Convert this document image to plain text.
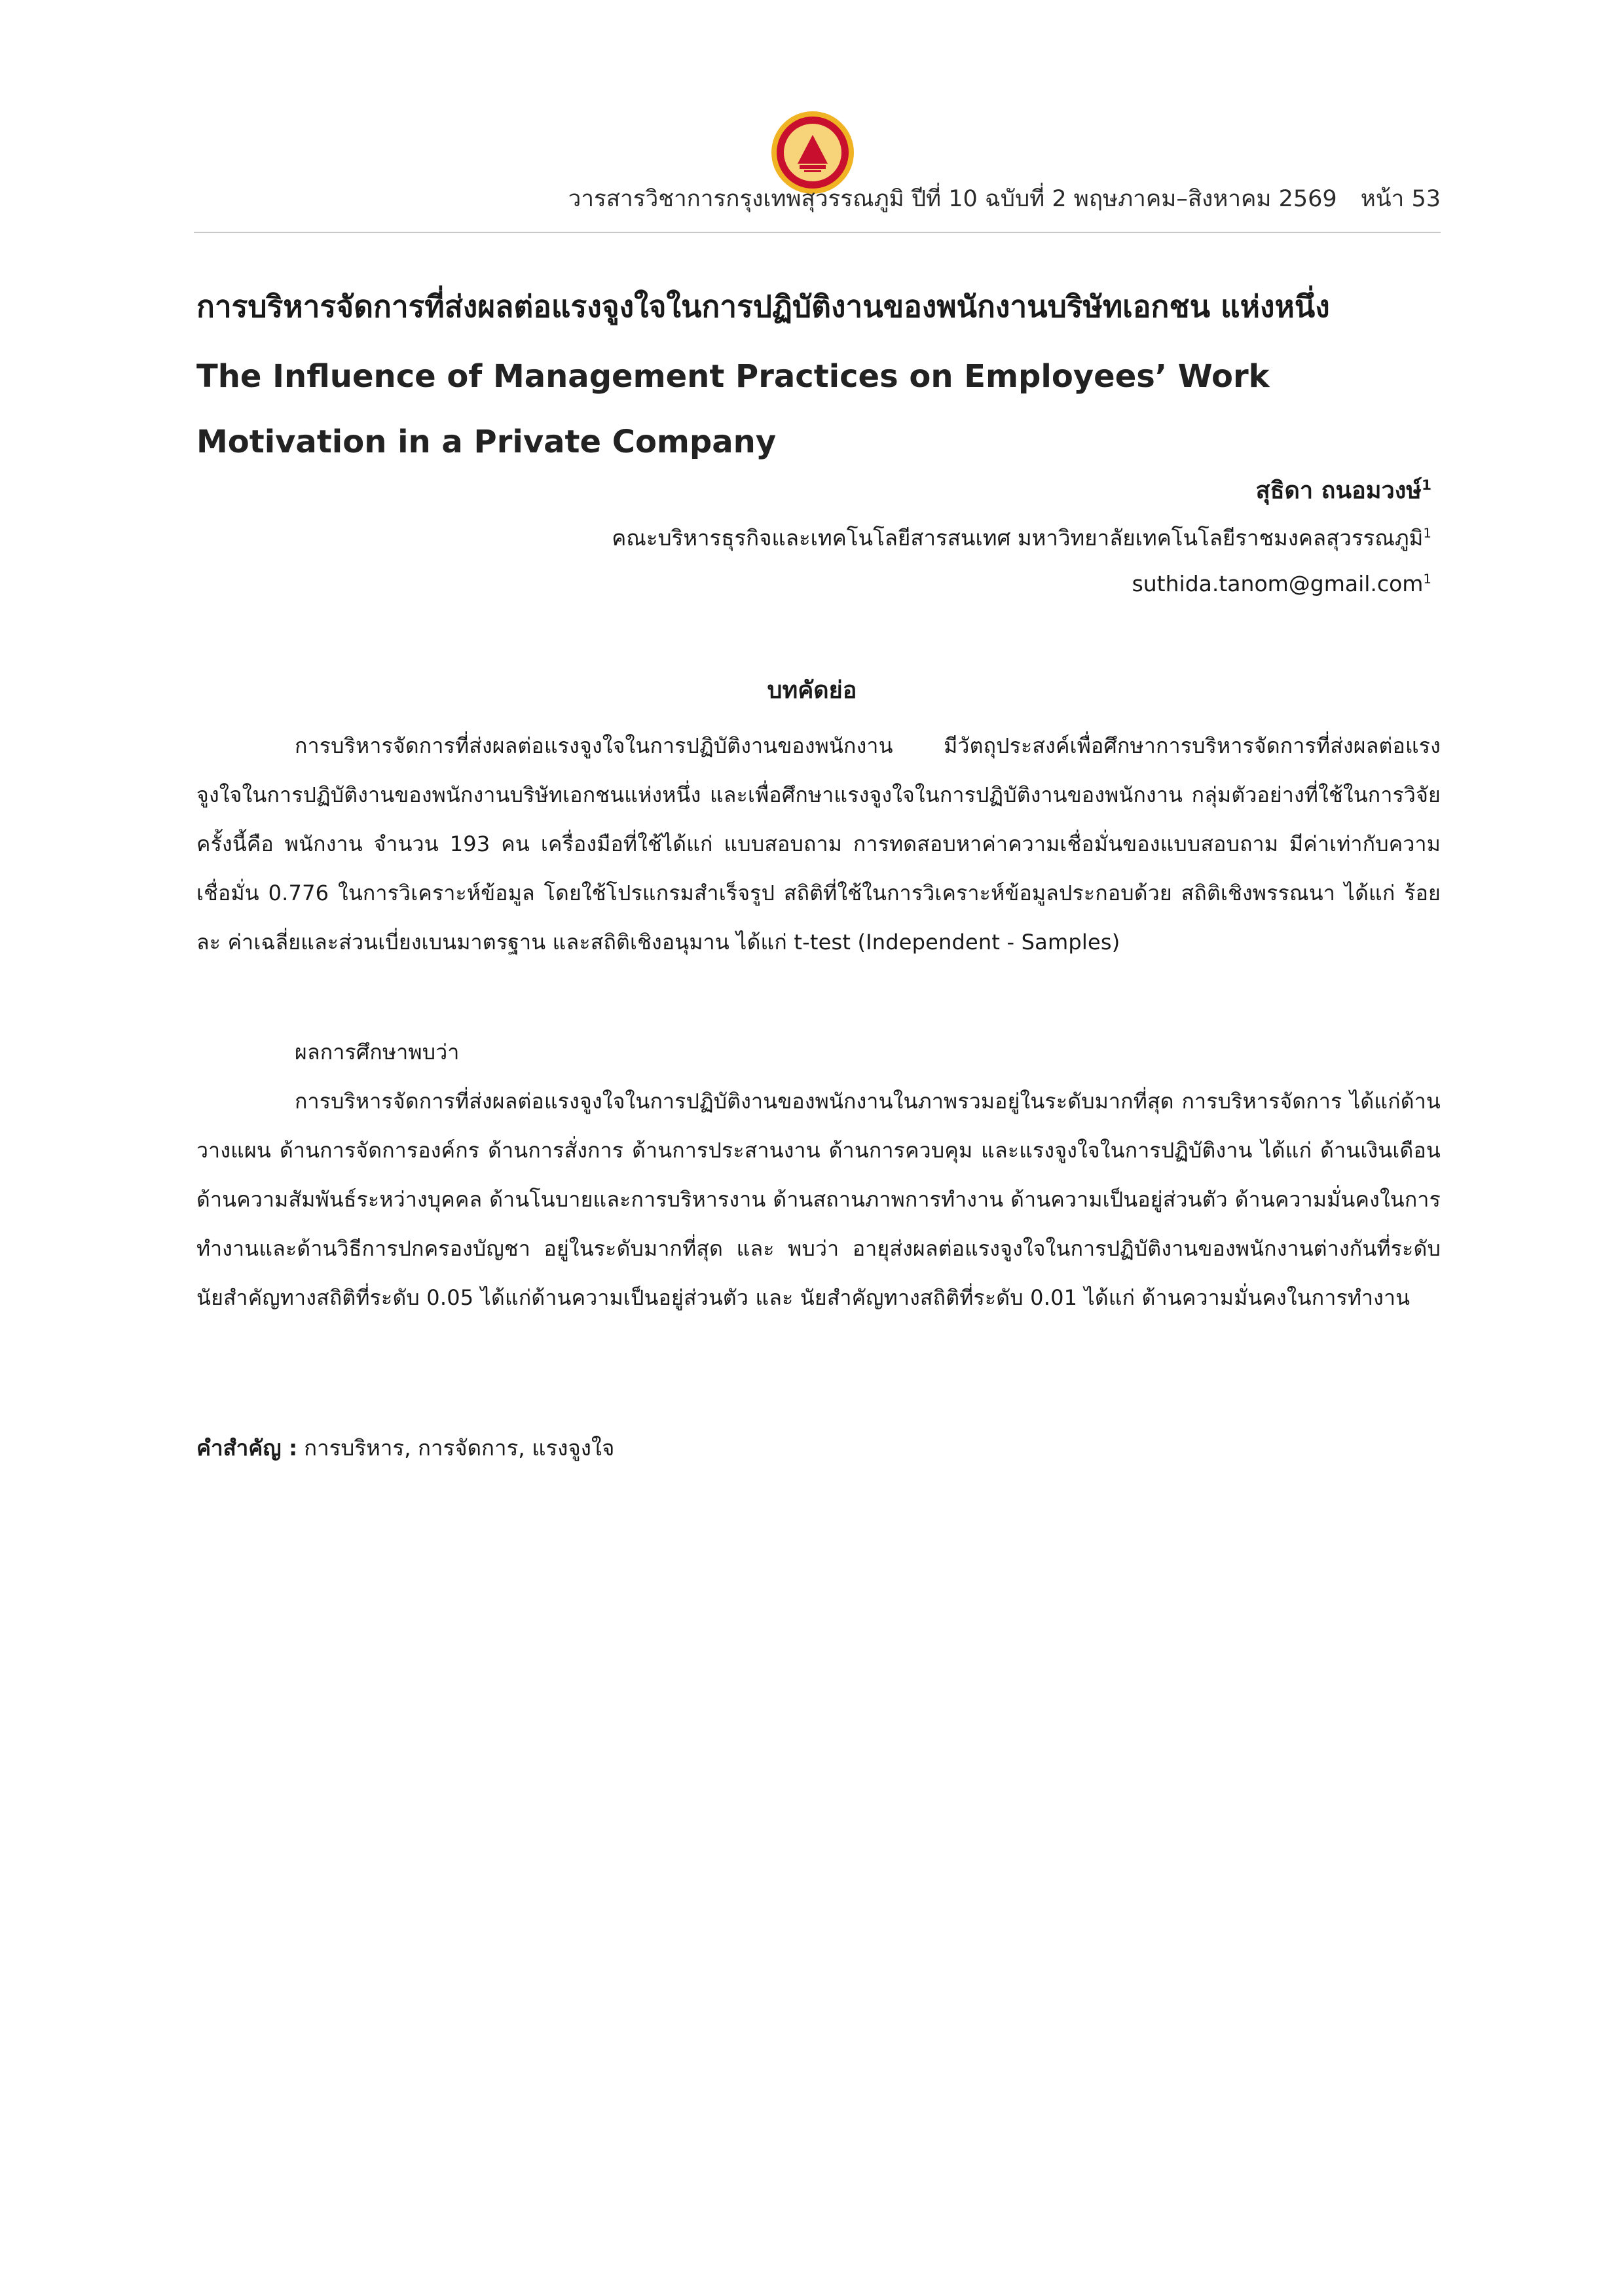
วารสารวิชาการกรุงเทพสุวรรณภูมิ ปีที่ 10 ฉบับที่ 2 พฤษภาคม–สิงหาคม 2569 หน้า 53
การบริหารจัดการที่ส่งผลต่อแรงจูงใจในการปฏิบัติงานของพนักงานบริษัทเอกชน แห่งหนึ่ง
The Influence of Management Practices on Employees’ Work Motivation in a Private Company
สุธิดา ถนอมวงษ์$^1$
คณะบริหารธุรกิจและเทคโนโลยีสารสนเทศ มหาวิทยาลัยเทคโนโลยีราชมงคลสุวรรณภูมิ$^1$
suthida.tanom@gmail.com$^1$
บทคัดย่อ
การบริหารจัดการที่ส่งผลต่อแรงจูงใจในการปฏิบัติงานของพนักงาน มีวัตถุประสงค์เพื่อศึกษาการบริหารจัดการที่ส่งผลต่อแรงจูงใจในการปฏิบัติงานของพนักงานบริษัทเอกชนแห่งหนึ่ง และเพื่อศึกษาแรงจูงใจในการปฏิบัติงานของพนักงาน กลุ่มตัวอย่างที่ใช้ในการวิจัยครั้งนี้คือ พนักงาน จำนวน 193 คน เครื่องมือที่ใช้ได้แก่ แบบสอบถาม การทดสอบหาค่าความเชื่อมั่นของแบบสอบถาม มีค่าเท่ากับความเชื่อมั่น 0.776 ในการวิเคราะห์ข้อมูล โดยใช้โปรแกรมสำเร็จรูป สถิติที่ใช้ในการวิเคราะห์ข้อมูลประกอบด้วย สถิติเชิงพรรณนา ได้แก่ ร้อยละ ค่าเฉลี่ยและส่วนเบี่ยงเบนมาตรฐาน และสถิติเชิงอนุมาน ได้แก่ t-test (Independent - Samples)
ผลการศึกษาพบว่า
การบริหารจัดการที่ส่งผลต่อแรงจูงใจในการปฏิบัติงานของพนักงานในภาพรวมอยู่ในระดับมากที่สุด การบริหารจัดการ ได้แก่ด้านวางแผน ด้านการจัดการองค์กร ด้านการสั่งการ ด้านการประสานงาน ด้านการควบคุม และแรงจูงใจในการปฏิบัติงาน ได้แก่ ด้านเงินเดือนด้านความสัมพันธ์ระหว่างบุคคล ด้านโนบายและการบริหารงาน ด้านสถานภาพการทำงาน ด้านความเป็นอยู่ส่วนตัว ด้านความมั่นคงในการทำงานและด้านวิธีการปกครองบัญชา อยู่ในระดับมากที่สุด และ พบว่า อายุส่งผลต่อแรงจูงใจในการปฏิบัติงานของพนักงานต่างกันที่ระดับนัยสำคัญทางสถิติที่ระดับ 0.05 ได้แก่ด้านความเป็นอยู่ส่วนตัว และ นัยสำคัญทางสถิติที่ระดับ 0.01 ได้แก่ ด้านความมั่นคงในการทำงาน
คำสำคัญ : การบริหาร, การจัดการ, แรงจูงใจ
